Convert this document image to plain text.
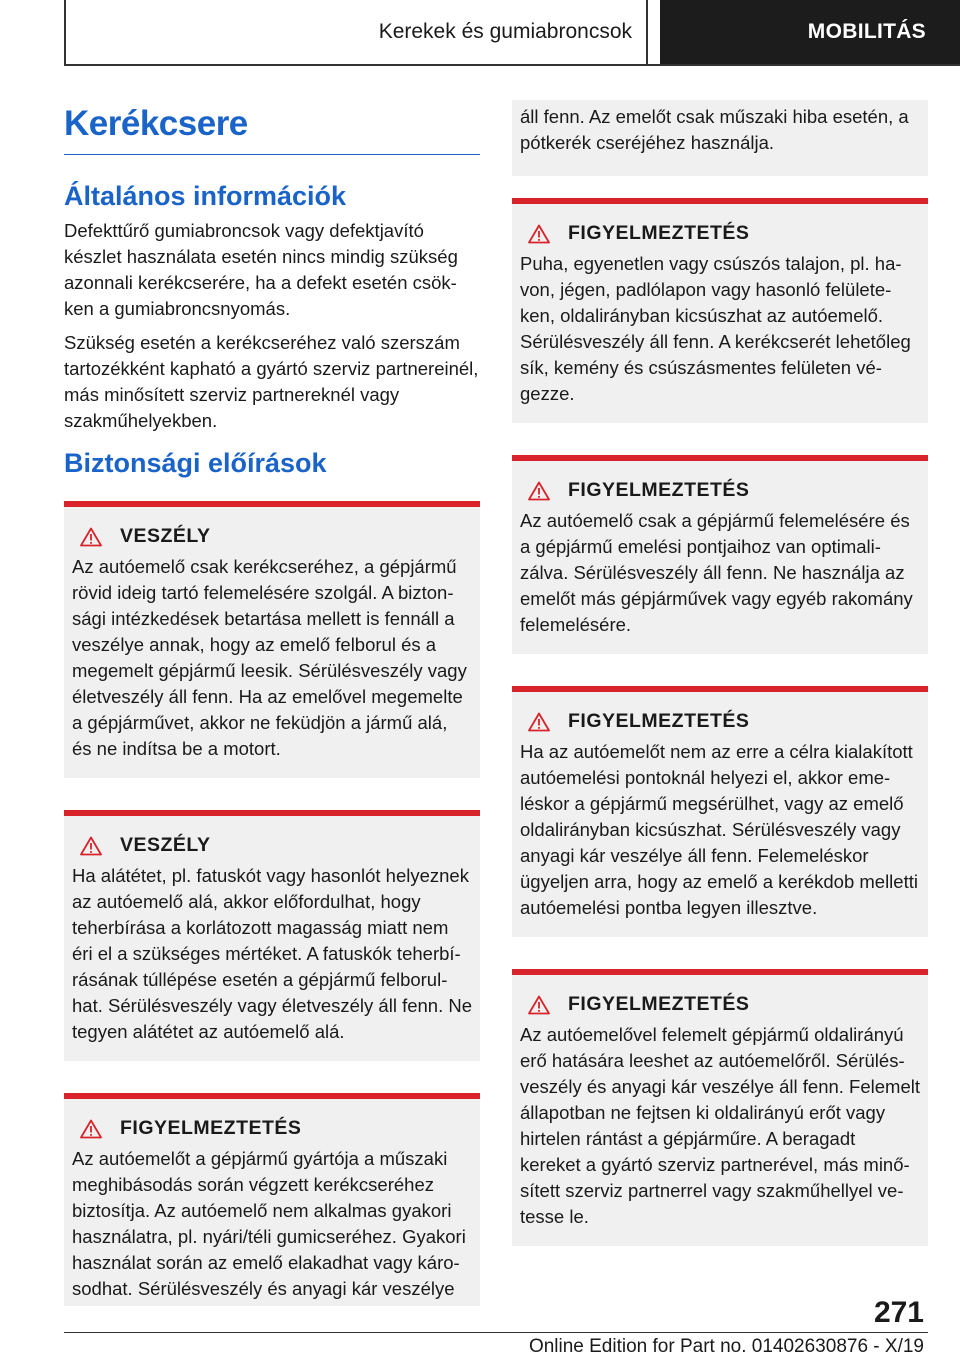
Kerekek és gumiabroncsok	MOBILITÁS
Kerékcsere
Általános információk

Defekttűrő gumiabroncsok vagy defektjavító készlet használata esetén nincs mindig szükség azonnali kerékcserére, ha a defekt esetén csökken a gumiabroncsnyomás.

Szükség esetén a kerékcseréhez való szerszám tartozékként kapható a gyártó szerviz partnereinél, más minősített szerviz partnereknél vagy szakműhelyekben.

Biztonsági előírások
VESZÉLY

Az autóemelő csak kerékcseréhez, a gépjármű rövid ideig tartó felemelésére szolgál. A biztonsági intézkedések betartása mellett is fennáll a veszélye annak, hogy az emelő felborul és a megemelt gépjármű leesik. Sérülésveszély vagy életveszély áll fenn. Ha az emelővel megemelte a gépjárművet, akkor ne feküdjön a jármű alá, és ne indítsa be a motort.

VESZÉLY

Ha alátétet, pl. fatuskót vagy hasonlót helyeznek az autóemelő alá, akkor előfordulhat, hogy teherbírása a korlátozott magasság miatt nem éri el a szükséges mértéket. A fatuskók teherbírásának túllépése esetén a gépjármű felborulhat. Sérülésveszély vagy életveszély áll fenn. Ne tegyen alátétet az autóemelő alá.

FIGYELMEZTETÉS

Az autóemelőt a gépjármű gyártója a műszaki meghibásodás során végzett kerékcseréhez biztosítja. Az autóemelő nem alkalmas gyakori használatra, pl. nyári/téli gumicseréhez. Gyakori használat során az emelő elakadhat vagy károsodhat. Sérülésveszély és anyagi kár veszélye

áll fenn. Az emelőt csak műszaki hiba esetén, a pótkerék cseréjéhez használja.

FIGYELMEZTETÉS

Puha, egyenetlen vagy csúszós talajon, pl. havon, jégen, padlólapon vagy hasonló felületeken, oldalirányban kicsúszhat az autóemelő. Sérülésveszély áll fenn. A kerékcserét lehetőleg sík, kemény és csúszásmentes felületen végezze.

FIGYELMEZTETÉS

Az autóemelő csak a gépjármű felemelésére és a gépjármű emelési pontjaihoz van optimalizálva. Sérülésveszély áll fenn. Ne használja az emelőt más gépjárművek vagy egyéb rakomány felemelésére.

FIGYELMEZTETÉS

Ha az autóemelőt nem az erre a célra kialakított autóemelési pontoknál helyezi el, akkor emeléskor a gépjármű megsérülhet, vagy az emelő oldalirányban kicsúszhat. Sérülésveszély vagy anyagi kár veszélye áll fenn. Felemeléskor ügyeljen arra, hogy az emelő a kerékdob melletti autóemelési pontba legyen illesztve.

FIGYELMEZTETÉS

Az autóemelővel felemelt gépjármű oldalirányú erő hatására leeshet az autóemelőről. Sérülésveszély és anyagi kár veszélye áll fenn. Felemelt állapotban ne fejtsen ki oldalirányú erőt vagy hirtelen rántást a gépjárműre. A beragadt kereket a gyártó szerviz partnerével, más minősített szerviz partnerrel vagy szakműhellyel vetesse le.

271
Online Edition for Part no. 01402630876 - X/19
